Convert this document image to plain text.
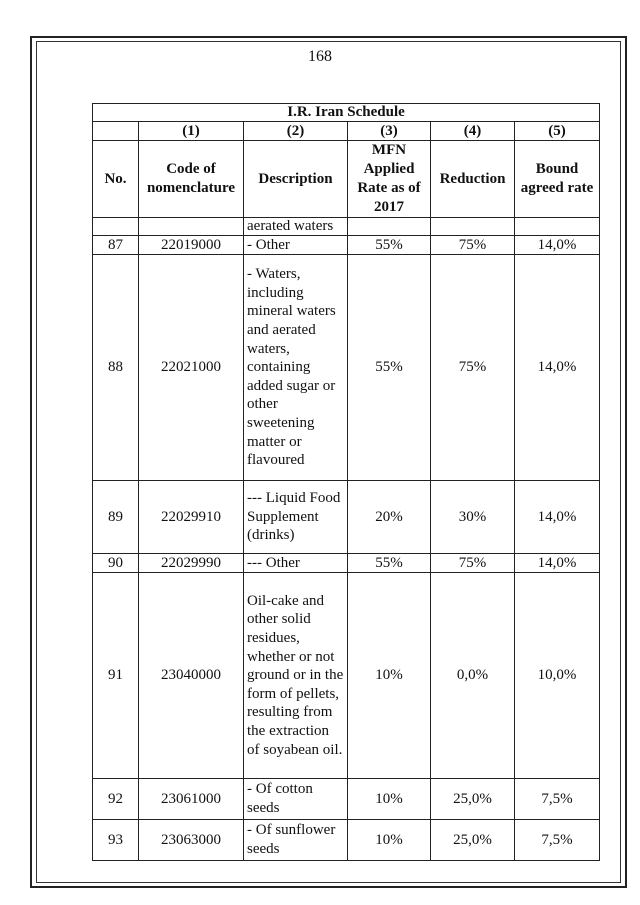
168
I.R. Iran Schedule					
	(1)	(2)	(3)	(4)	(5)
No.	Code of nomenclature	Description	MFN Applied Rate as of 2017	Reduction	Bound agreed rate
		aerated waters			
87	22019000	- Other	55%	75%	14,0%
88	22021000	- Waters, including mineral waters and aerated waters, containing added sugar or other sweetening matter or flavoured	55%	75%	14,0%
89	22029910	--- Liquid Food Supplement (drinks)	20%	30%	14,0%
90	22029990	--- Other	55%	75%	14,0%
91	23040000	Oil-cake and other solid residues, whether or not ground or in the form of pellets, resulting from the extraction of soyabean oil.	10%	0,0%	10,0%
92	23061000	- Of cotton seeds	10%	25,0%	7,5%
93	23063000	- Of sunflower seeds	10%	25,0%	7,5%
